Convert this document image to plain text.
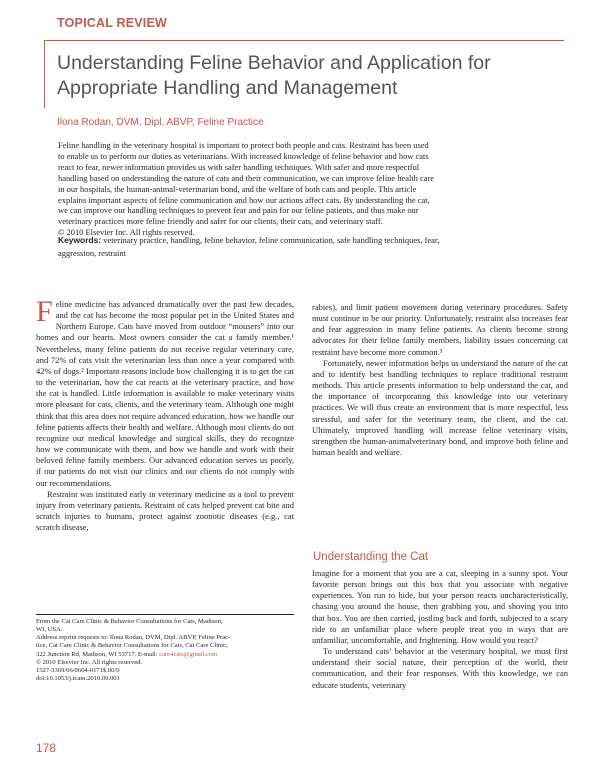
TOPICAL REVIEW
Understanding Feline Behavior and Application for
Appropriate Handling and Management
Ilona Rodan, DVM, Dipl. ABVP, Feline Practice
Feline handling in the veterinary hospital is important to protect both people and cats. Restraint has been used
to enable us to perform our duties as veterinarians. With increased knowledge of feline behavior and how cats
react to fear, newer information provides us with safer handling techniques. With safer and more respectful
handling based on understanding the nature of cats and their communication, we can improve feline health care
in our hospitals, the human-animal-veterinarian bond, and the welfare of both cats and people. This article
explains important aspects of feline communication and how our actions affect cats. By understanding the cat,
we can improve our handling techniques to prevent fear and pain for our feline patients, and thus make our
veterinary practices more feline friendly and safer for our clients, their cats, and veterinary staff.
© 2010 Elsevier Inc. All rights reserved.
Keywords: veterinary practice, handling, feline behavior, feline communication, safe handling techniques, fear,
aggression, restraint

Feline medicine has advanced dramatically over the past few decades, and the cat has become the most popular pet in the United States and Northern Europe. Cats have moved from outdoor “mousers” into our homes and our hearts. Most owners consider the cat a family member.¹ Nevertheless, many feline patients do not receive regular veterinary care, and 72% of cats visit the veterinarian less than once a year compared with 42% of dogs.² Important reasons include how challenging it is to get the cat to the veterinarian, how the cat reacts at the veterinary practice, and how the cat is handled. Little information is available to make veterinary visits more pleasant for cats, clients, and the veterinary team. Although one might think that this area does not require advanced education, how we handle our feline patients affects their health and welfare. Although most clients do not recognize our medical knowledge and surgical skills, they do recognize how we communicate with them, and how we handle and work with their beloved feline family members. Our advanced education serves us poorly, if our patients do not visit our clinics and our clients do not comply with our recommendations.

Restraint was instituted early in veterinary medicine as a tool to prevent injury from veterinary patients. Restraint of cats helped prevent cat bite and scratch injuries to humans, protect against zoonotic diseases (e.g., cat scratch disease,

rabies), and limit patient movement during veterinary procedures. Safety must continue to be our priority. Unfortunately, restraint also increases fear and fear aggression in many feline patients. As clients become strong advocates for their feline family members, liability issues concerning cat restraint have become more common.³

Fortunately, newer information helps us understand the nature of the cat and to identify best handling techniques to replace traditional restraint methods. This article presents information to help understand the cat, and the importance of incorporating this knowledge into our veterinary practices. We will thus create an environment that is more respectful, less stressful, and safer for the veterinary team, the client, and the cat. Ultimately, improved handling will increase feline veterinary visits, strengthen the human-animalveterinary bond, and improve both feline and human health and welfare.

Understanding the Cat

Imagine for a moment that you are a cat, sleeping in a sunny spot. Your favorite person brings out this box that you associate with negative experiences. You run to hide, but your person reacts uncharacteristically, chasing you around the house, then grabbing you, and shoving you into that box. You are then carried, jostling back and forth, subjected to a scary ride to an unfamiliar place where people treat you in ways that are unfamiliar, uncomfortable, and frightening. How would you react?

To understand cats’ behavior at the veterinary hospital, we must first understand their social nature, their perception of the world, their communication, and their fear responses. With this knowledge, we can educate students, veterinary

From the Cat Care Clinic & Behavior Consultations for Cats, Madison,
WI, USA.
Address reprint requests to: Ilona Rodan, DVM, Dipl. ABVP, Feline Prac-
tice, Cat Care Clinic & Behavior Consultations for Cats, Cat Care Clinic,
322 Junction Rd, Madison, WI 53717. E-mail: care4cats@gmail.com
© 2010 Elsevier Inc. All rights reserved.
1527-3369/06/0604-0171$.00/0
doi:10.1053/j.tcam.2010.09.001
178
